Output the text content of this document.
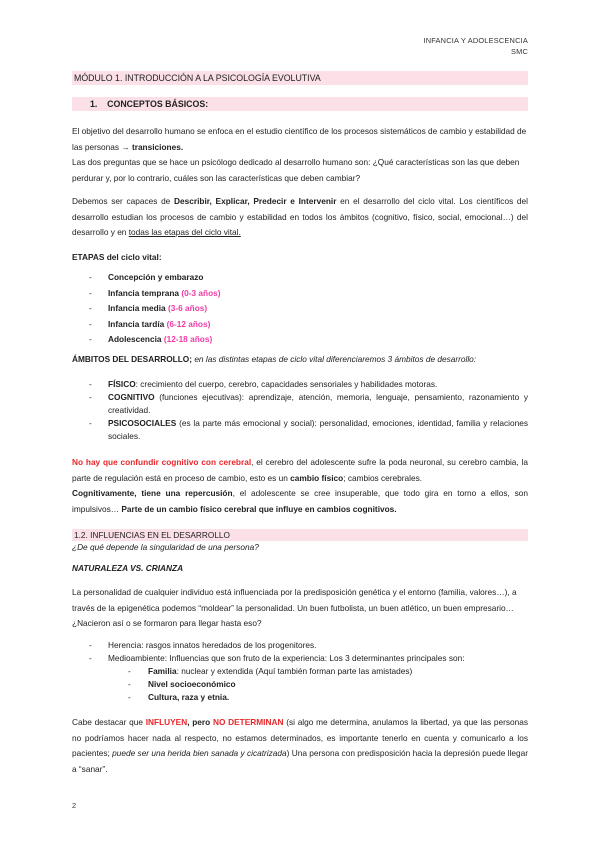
INFANCIA Y ADOLESCENCIA
SMC
MÓDULO 1. INTRODUCCIÓN A LA PSICOLOGÍA EVOLUTIVA
1. CONCEPTOS BÁSICOS:
El objetivo del desarrollo humano se enfoca en el estudio científico de los procesos sistemáticos de cambio y estabilidad de las personas → transiciones.
Las dos preguntas que se hace un psicólogo dedicado al desarrollo humano son: ¿Qué características son las que deben perdurar y, por lo contrario, cuáles son las características que deben cambiar?
Debemos ser capaces de Describir, Explicar, Predecir e Intervenir en el desarrollo del ciclo vital. Los científicos del desarrollo estudian los procesos de cambio y estabilidad en todos los ámbitos (cognitivo, físico, social, emocional…) del desarrollo y en todas las etapas del ciclo vital.
ETAPAS del ciclo vital:
- Concepción y embarazo
- Infancia temprana (0-3 años)
- Infancia media (3-6 años)
- Infancia tardía (6-12 años)
- Adolescencia (12-18 años)
ÁMBITOS DEL DESARROLLO; en las distintas etapas de ciclo vital diferenciaremos 3 ámbitos de desarrollo:
- FÍSICO: crecimiento del cuerpo, cerebro, capacidades sensoriales y habilidades motoras.
- COGNITIVO (funciones ejecutivas): aprendizaje, atención, memoria, lenguaje, pensamiento, razonamiento y creatividad.
- PSICOSOCIALES (es la parte más emocional y social): personalidad, emociones, identidad, familia y relaciones sociales.
No hay que confundir cognitivo con cerebral, el cerebro del adolescente sufre la poda neuronal, su cerebro cambia, la parte de regulación está en proceso de cambio, esto es un cambio físico; cambios cerebrales.
Cognitivamente, tiene una repercusión, el adolescente se cree insuperable, que todo gira en torno a ellos, son impulsivos… Parte de un cambio físico cerebral que influye en cambios cognitivos.
1.2. INFLUENCIAS EN EL DESARROLLO
¿De qué depende la singularidad de una persona?
NATURALEZA VS. CRIANZA
La personalidad de cualquier individuo está influenciada por la predisposición genética y el entorno (familia, valores…), a través de la epigenética podemos “moldear” la personalidad. Un buen futbolista, un buen atlético, un buen empresario… ¿Nacieron así o se formaron para llegar hasta eso?
- Herencia: rasgos innatos heredados de los progenitores.
- Medioambiente: Influencias que son fruto de la experiencia: Los 3 determinantes principales son:
- Familia: nuclear y extendida (Aquí también forman parte las amistades)
- Nivel socioeconómico
- Cultura, raza y etnia.
Cabe destacar que INFLUYEN, pero NO DETERMINAN (si algo me determina, anulamos la libertad, ya que las personas no podríamos hacer nada al respecto, no estamos determinados, es importante tenerlo en cuenta y comunicarlo a los pacientes; puede ser una herida bien sanada y cicatrizada) Una persona con predisposición hacia la depresión puede llegar a “sanar”.
2
